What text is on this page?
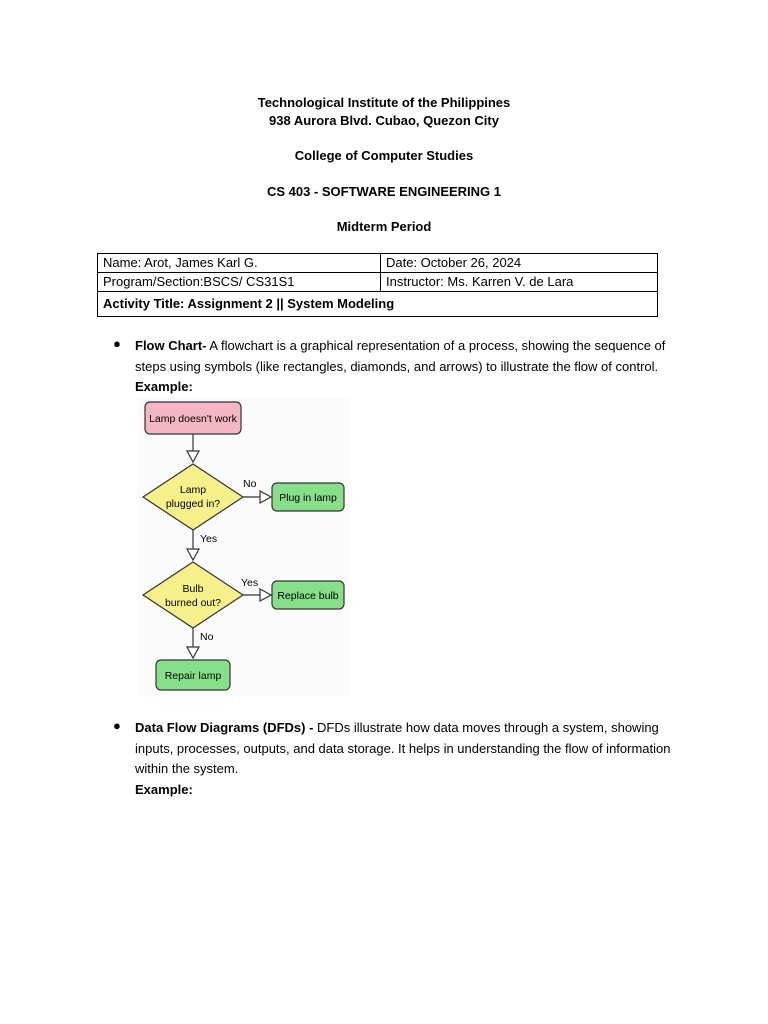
Technological Institute of the Philippines
938 Aurora Blvd. Cubao, Quezon City
College of Computer Studies
CS 403 - SOFTWARE ENGINEERING 1
Midterm Period
Name: Arot, James Karl G.	Date: October 26, 2024
Program/Section:BSCS/ CS31S1	Instructor: Ms. Karren V. de Lara
Activity Title: Assignment 2 || System Modeling	
● Flow Chart- A flowchart is a graphical representation of a process, showing the sequence of steps using symbols (like rectangles, diamonds, and arrows) to illustrate the flow of control.
Example:
Lamp doesn't work
Lamp
plugged in?
No
Plug in lamp
Yes
Bulb
burned out?
Yes
Replace bulb
No
Repair lamp
● Data Flow Diagrams (DFDs) - DFDs illustrate how data moves through a system, showing inputs, processes, outputs, and data storage. It helps in understanding the flow of information within the system.
Example:
